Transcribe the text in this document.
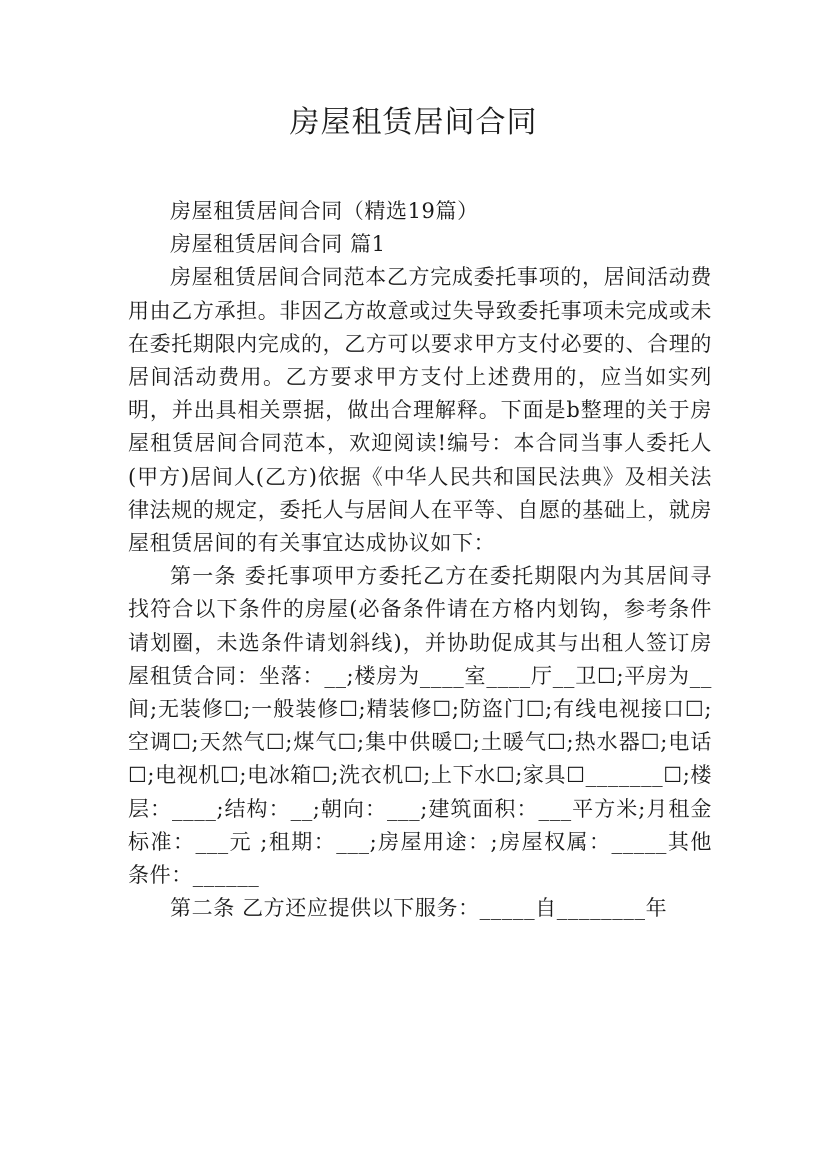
房屋租赁居间合同

房屋租赁居间合同（精选19篇）

房屋租赁居间合同 篇1

房屋租赁居间合同范本乙方完成委托事项的，居间活动费用由乙方承担。非因乙方故意或过失导致委托事项未完成或未在委托期限内完成的，乙方可以要求甲方支付必要的、合理的居间活动费用。乙方要求甲方支付上述费用的，应当如实列明，并出具相关票据，做出合理解释。下面是b整理的关于房屋租赁居间合同范本，欢迎阅读!编号：本合同当事人委托人(甲方)居间人(乙方)依据《中华人民共和国民法典》及相关法律法规的规定，委托人与居间人在平等、自愿的基础上，就房屋租赁居间的有关事宜达成协议如下：

第一条 委托事项甲方委托乙方在委托期限内为其居间寻找符合以下条件的房屋(必备条件请在方格内划钩，参考条件请划圈，未选条件请划斜线)，并协助促成其与出租人签订房屋租赁合同：坐落：__;楼房为____室____厅__卫☐;平房为__间;无装修☐;一般装修☐;精装修☐;防盗门☐;有线电视接口☐;空调☐;天然气☐;煤气☐;集中供暖☐;土暖气☐;热水器☐;电话☐;电视机☐;电冰箱☐;洗衣机☐;上下水☐;家具☐_______☐;楼层：____;结构：__;朝向：___;建筑面积：___平方米;月租金标准：___元 ;租期：___;房屋用途：;房屋权属：_____其他条件：______

第二条 乙方还应提供以下服务：_____自________年
